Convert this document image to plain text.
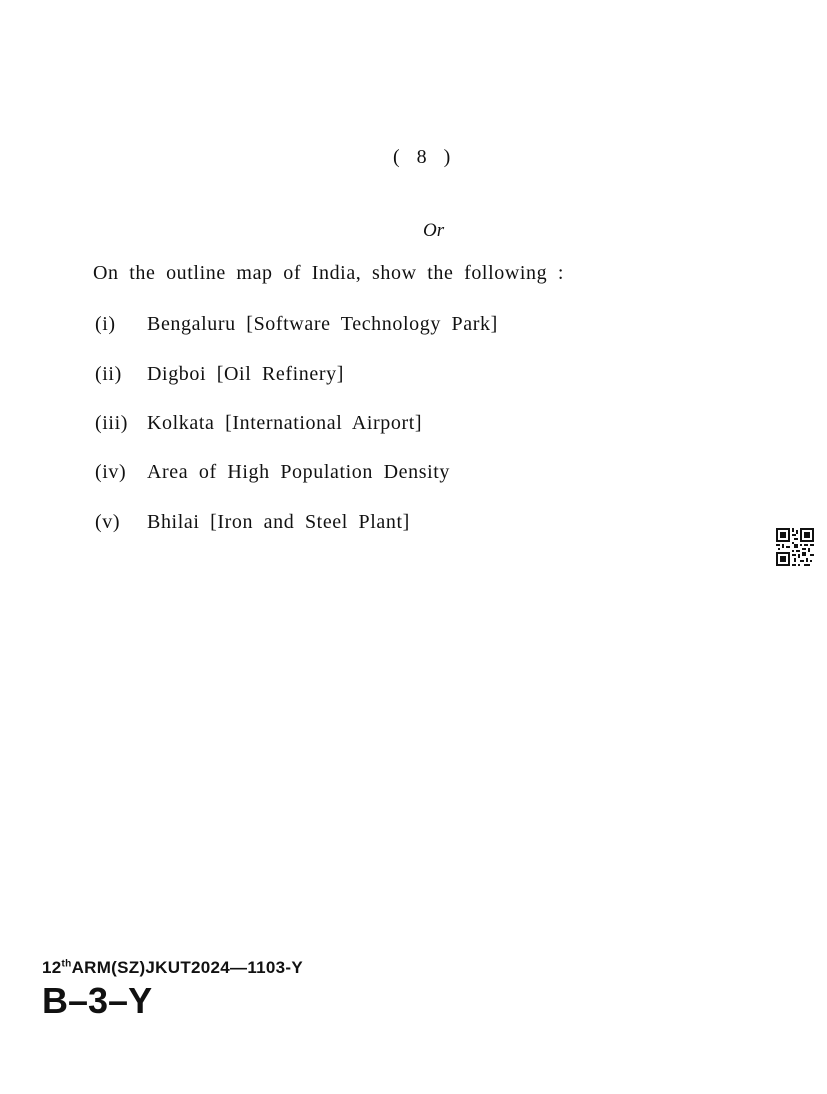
( 8 )
Or
On the outline map of India, show the following :
(i) Bengaluru [Software Technology Park]
(ii) Digboi [Oil Refinery]
(iii) Kolkata [International Airport]
(iv) Area of High Population Density
(v) Bhilai [Iron and Steel Plant]
12thARM(SZ)JKUT2024—1103-Y
B–3–Y
